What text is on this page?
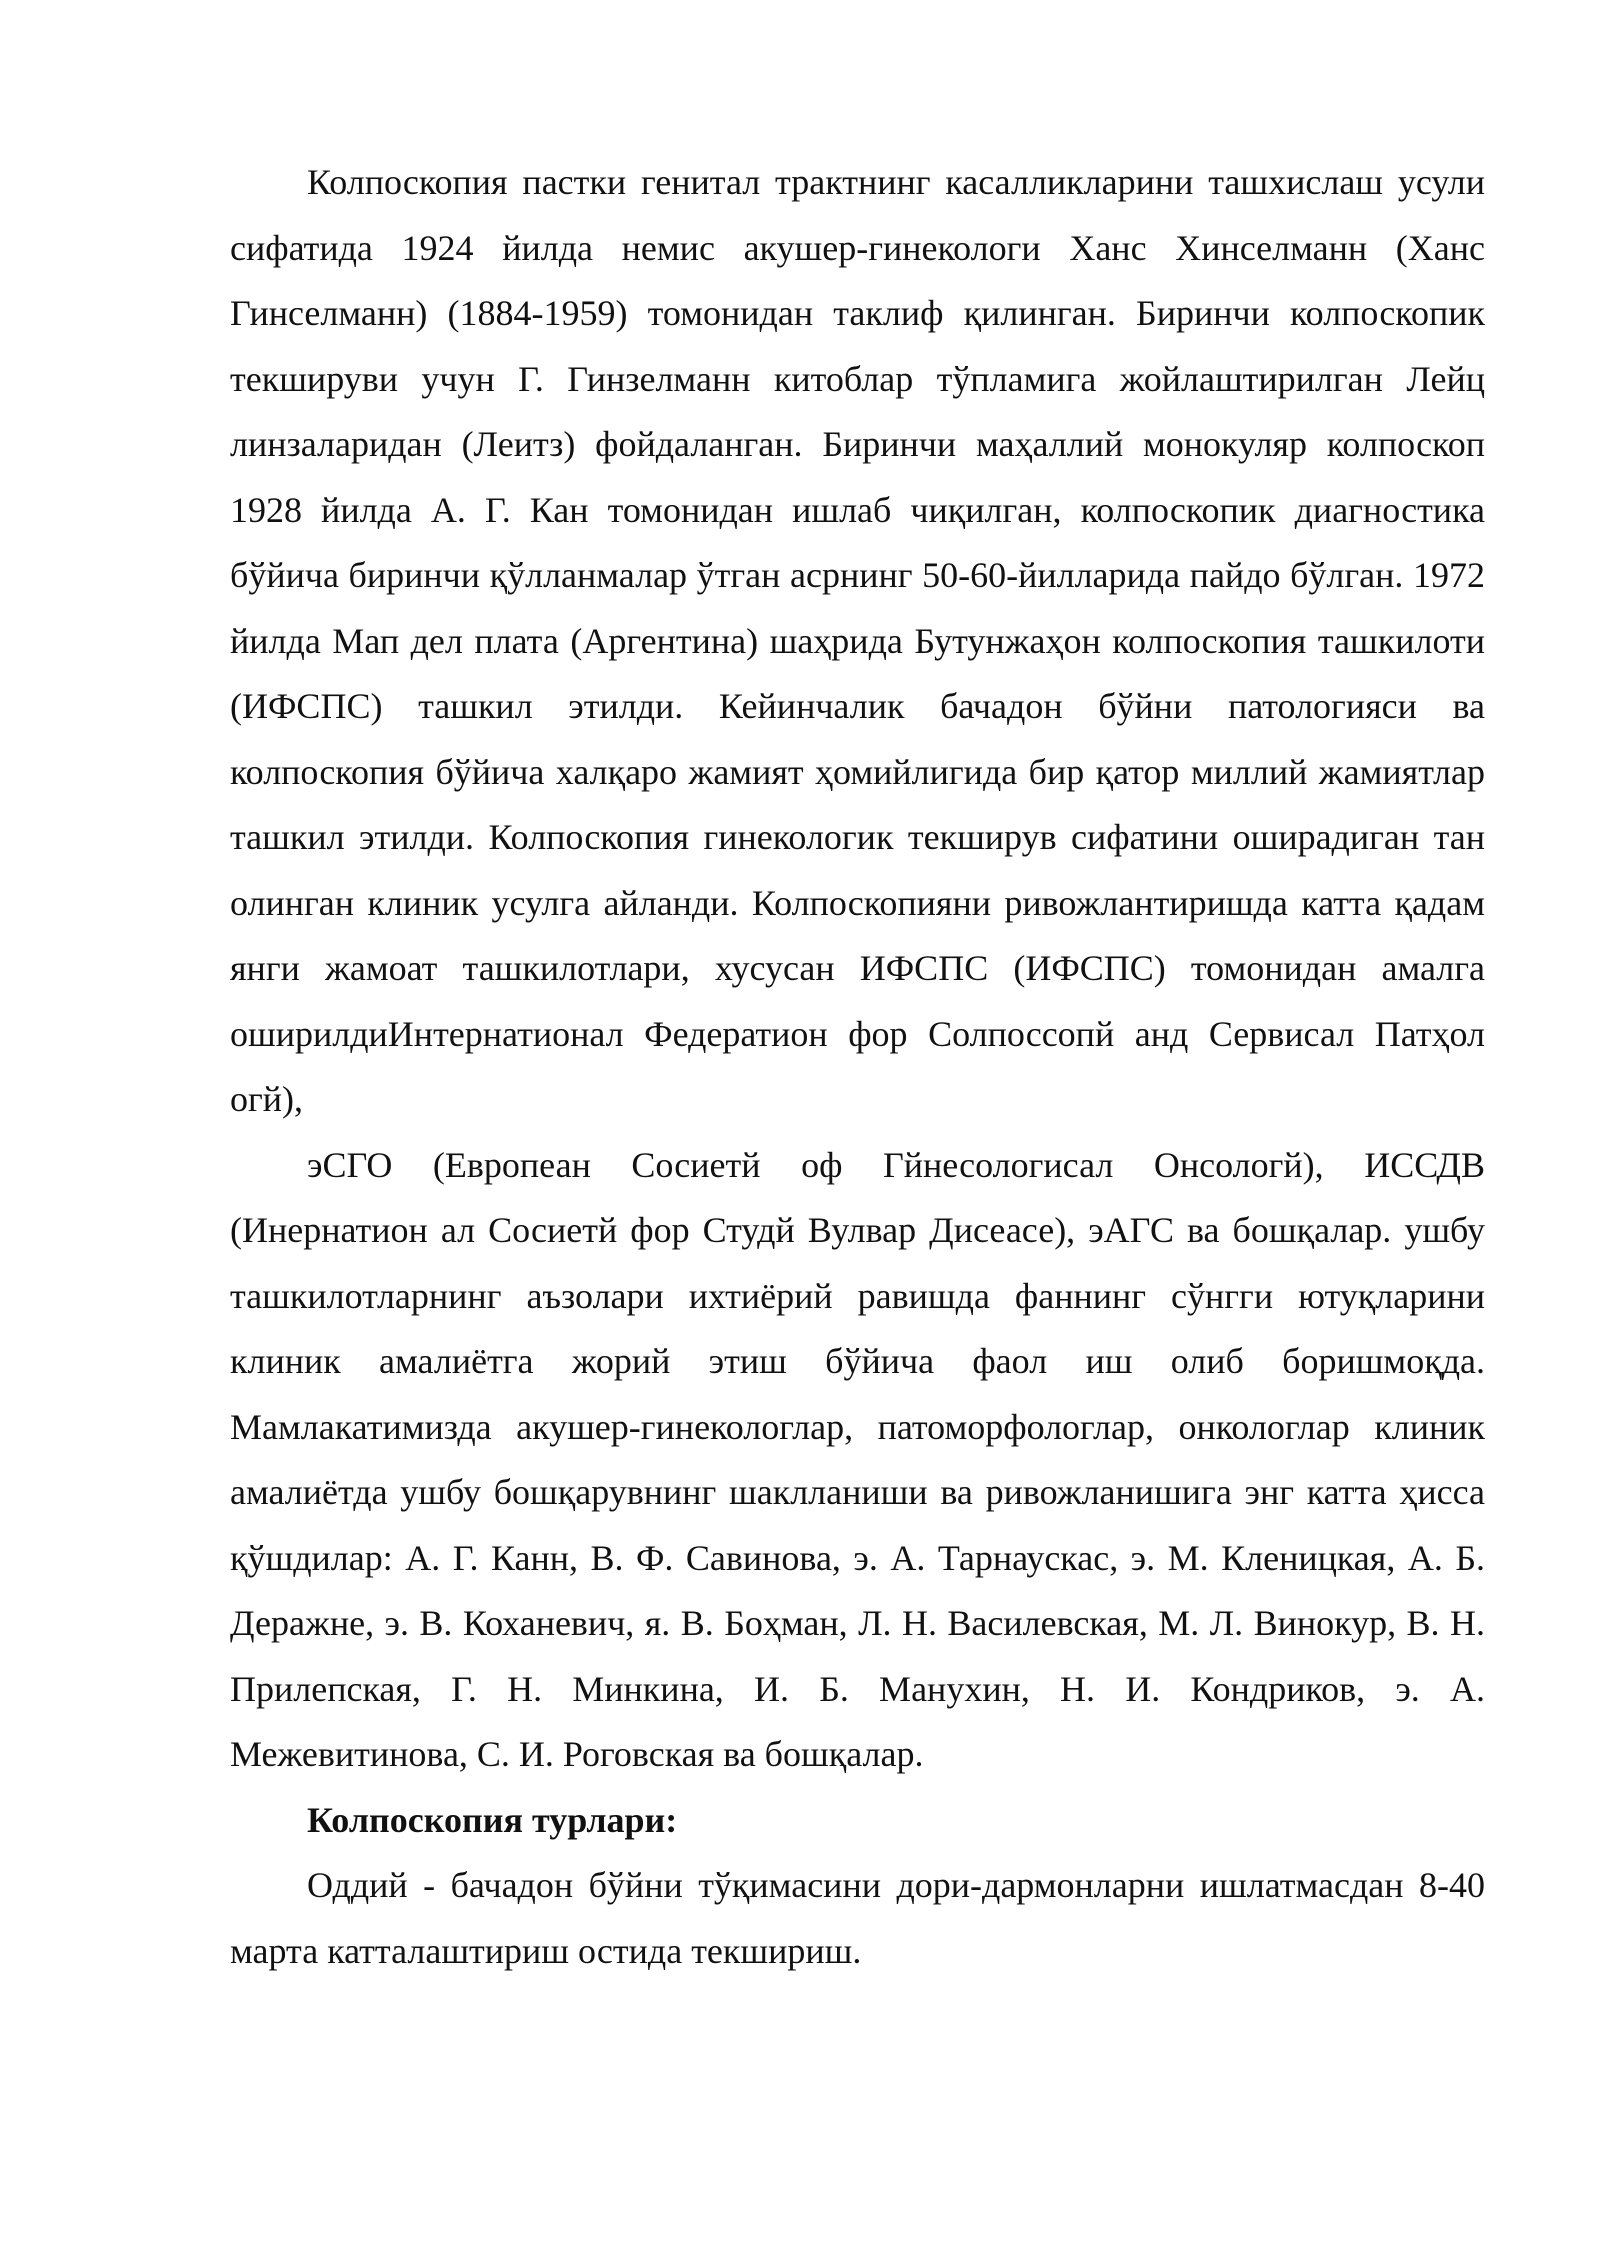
Колпоскопия пастки генитал трактнинг касалликларини ташхислаш усули сифатида 1924 йилда немис акушер-гинекологи Ханс Хинселманн (Ханс Гинселманн) (1884-1959) томонидан таклиф қилинган. Биринчи колпоскопик текшируви учун Г. Гинзелманн китоблар тўпламига жойлаштирилган Лейц линзаларидан (Леитз) фойдаланган. Биринчи маҳаллий монокуляр колпоскоп 1928 йилда А. Г. Кан томонидан ишлаб чиқилган, колпоскопик диагностика бўйича биринчи қўлланмалар ўтган асрнинг 50-60-йилларида пайдо бўлган. 1972 йилда Мап дел плата (Аргентина) шаҳрида Бутунжаҳон колпоскопия ташкилоти (ИФСПС) ташкил этилди. Кейинчалик бачадон бўйни патологияси ва колпоскопия бўйича халқаро жамият ҳомийлигида бир қатор миллий жамиятлар ташкил этилди. Колпоскопия гинекологик текширув сифатини оширадиган тан олинган клиник усулга айланди. Колпоскопияни ривожлантиришда катта қадам янги жамоат ташкилотлари, хусусан ИФСПС (ИФСПС) томонидан амалга оширилдиИнтернатионал Федератион фор Солпоссопй анд Сервисал Патҳол огй),

эСГО (Европеан Сосиетй оф Гйнесологисал Онсологй), ИССДВ (Инернатион ал Сосиетй фор Студй Вулвар Дисеасе), эАГС ва бошқалар. ушбу ташкилотларнинг аъзолари ихтиёрий равишда фаннинг сўнгги ютуқларини клиник амалиётга жорий этиш бўйича фаол иш олиб боришмоқда. Мамлакатимизда акушер-гинекологлар, патоморфологлар, онкологлар клиник амалиётда ушбу бошқарувнинг шаклланиши ва ривожланишига энг катта ҳисса қўшдилар: А. Г. Канн, В. Ф. Савинова, э. А. Тарнаускас, э. М. Кленицкая, А. Б. Деражне, э. В. Коханевич, я. В. Боҳман, Л. Н. Василевская, М. Л. Винокур, В. Н. Прилепская, Г. Н. Минкина, И. Б. Манухин, Н. И. Кондриков, э. А. Межевитинова, С. И. Роговская ва бошқалар.

Колпоскопия турлари:

Оддий - бачадон бўйни тўқимасини дори-дармонларни ишлатмасдан 8-40 марта катталаштириш остида текшириш.
